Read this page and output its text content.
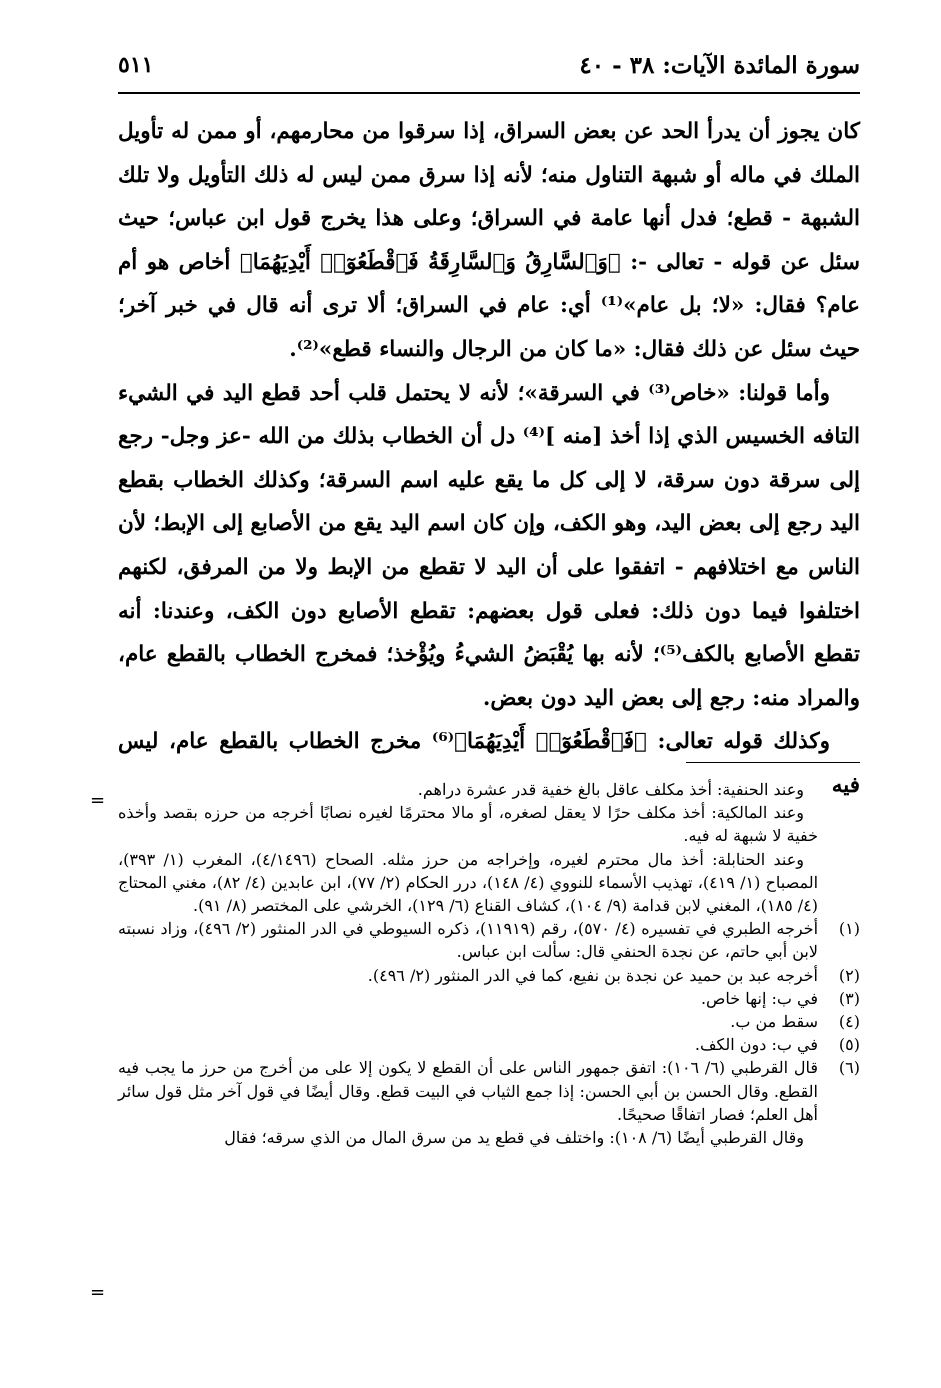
سورة المائدة الآيات: ٣٨ - ٤٠
٥١١

كان يجوز أن يدرأ الحد عن بعض السراق، إذا سرقوا من محارمهم، أو ممن له تأويل الملك في ماله أو شبهة التناول منه؛ لأنه إذا سرق ممن ليس له ذلك التأويل ولا تلك الشبهة - قطع؛ فدل أنها عامة في السراق؛ وعلى هذا يخرج قول ابن عباس؛ حيث سئل عن قوله - تعالى -: ﴿وَٱلسَّارِقُ وَٱلسَّارِقَةُ فَٱقْطَعُوٓا۟ أَيْدِيَهُمَا﴾ أخاص هو أم عام؟ فقال: «لا؛ بل عام»⁽¹⁾ أي: عام في السراق؛ ألا ترى أنه قال في خبر آخر؛ حيث سئل عن ذلك فقال: «ما كان من الرجال والنساء قطع»⁽²⁾.

وأما قولنا: «خاص⁽³⁾ في السرقة»؛ لأنه لا يحتمل قلب أحد قطع اليد في الشيء التافه الخسيس الذي إذا أخذ [منه ]⁽⁴⁾ دل أن الخطاب بذلك من الله -عز وجل- رجع إلى سرقة دون سرقة، لا إلى كل ما يقع عليه اسم السرقة؛ وكذلك الخطاب بقطع اليد رجع إلى بعض اليد، وهو الكف، وإن كان اسم اليد يقع من الأصابع إلى الإبط؛ لأن الناس مع اختلافهم - اتفقوا على أن اليد لا تقطع من الإبط ولا من المرفق، لكنهم اختلفوا فيما دون ذلك: فعلى قول بعضهم: تقطع الأصابع دون الكف، وعندنا: أنه تقطع الأصابع بالكف⁽⁵⁾؛ لأنه بها يُقْبَضُ الشيءُ ويُؤْخذ؛ فمخرج الخطاب بالقطع عام، والمراد منه: رجع إلى بعض اليد دون بعض.

وكذلك قوله تعالى: ﴿فَٱقْطَعُوٓا۟ أَيْدِيَهُمَا﴾⁽⁶⁾ مخرج الخطاب بالقطع عام، ليس فيه

=

وعند الحنفية: أخذ مكلف عاقل بالغ خفية قدر عشرة دراهم.

وعند المالكية: أخذ مكلف حرًا لا يعقل لصغره، أو مالا محترمًا لغيره نصابًا أخرجه من حرزه بقصد وأخذه خفية لا شبهة له فيه.

وعند الحنابلة: أخذ مال محترم لغيره، وإخراجه من حرز مثله. الصحاح (٤/١٤٩٦)، المغرب (١/ ٣٩٣)، المصباح (١/ ٤١٩)، تهذيب الأسماء للنووي (٤/ ١٤٨)، درر الحكام (٢/ ٧٧)، ابن عابدين (٤/ ٨٢)، مغني المحتاج (٤/ ١٨٥)، المغني لابن قدامة (٩/ ١٠٤)، كشاف القناع (٦/ ١٢٩)، الخرشي على المختصر (٨/ ٩١).

(١)
أخرجه الطبري في تفسيره (٤/ ٥٧٠)، رقم (١١٩١٩)، ذكره السيوطي في الدر المنثور (٢/ ٤٩٦)، وزاد نسبته لابن أبي حاتم، عن نجدة الحنفي قال: سألت ابن عباس.

(٢)
أخرجه عبد بن حميد عن نجدة بن نفيع، كما في الدر المنثور (٢/ ٤٩٦).

(٣)
في ب: إنها خاص.

(٤)
سقط من ب.

(٥)
في ب: دون الكف.

(٦)
قال القرطبي (٦/ ١٠٦): اتفق جمهور الناس على أن القطع لا يكون إلا على من أخرج من حرز ما يجب فيه القطع. وقال الحسن بن أبي الحسن: إذا جمع الثياب في البيت قطع. وقال أيضًا في قول آخر مثل قول سائر أهل العلم؛ فصار اتفاقًا صحيحًا.

وقال القرطبي أيضًا (٦/ ١٠٨): واختلف في قطع يد من سرق المال من الذي سرقه؛ فقال

=
